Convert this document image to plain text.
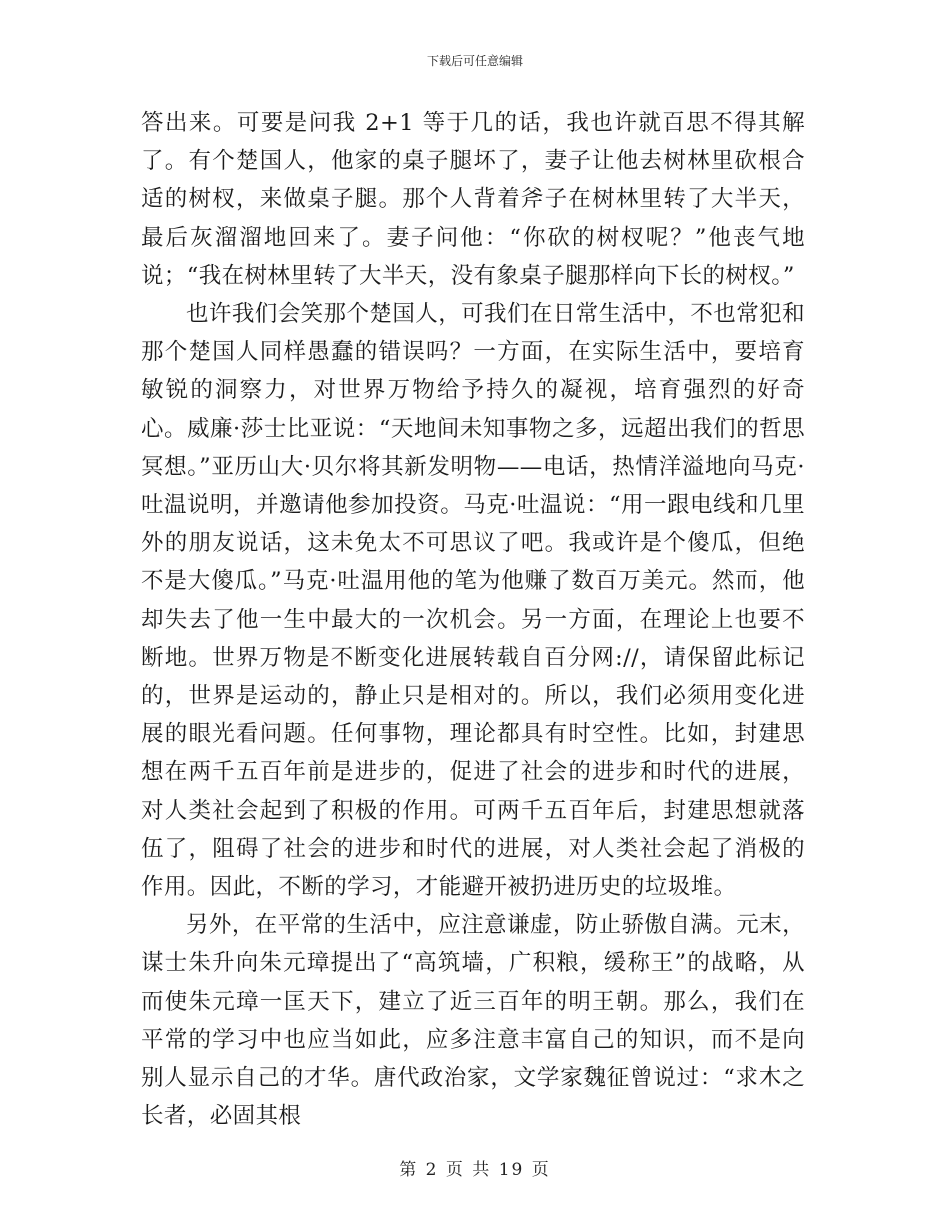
下载后可任意编辑

答出来。可要是问我 2+1 等于几的话，我也许就百思不得其解了。有个楚国人，他家的桌子腿坏了，妻子让他去树林里砍根合适的树杈，来做桌子腿。那个人背着斧子在树林里转了大半天，最后灰溜溜地回来了。妻子问他：“你砍的树杈呢？”他丧气地说；“我在树林里转了大半天，没有象桌子腿那样向下长的树杈。”

也许我们会笑那个楚国人，可我们在日常生活中，不也常犯和那个楚国人同样愚蠢的错误吗？一方面，在实际生活中，要培育敏锐的洞察力，对世界万物给予持久的凝视，培育强烈的好奇心。威廉·莎士比亚说：“天地间未知事物之多，远超出我们的哲思冥想。”亚历山大·贝尔将其新发明物——电话，热情洋溢地向马克·吐温说明，并邀请他参加投资。马克·吐温说：“用一跟电线和几里外的朋友说话，这未免太不可思议了吧。我或许是个傻瓜，但绝不是大傻瓜。”马克·吐温用他的笔为他赚了数百万美元。然而，他却失去了他一生中最大的一次机会。另一方面，在理论上也要不断地。世界万物是不断变化进展转载自百分网://，请保留此标记的，世界是运动的，静止只是相对的。所以，我们必须用变化进展的眼光看问题。任何事物，理论都具有时空性。比如，封建思想在两千五百年前是进步的，促进了社会的进步和时代的进展，对人类社会起到了积极的作用。可两千五百年后，封建思想就落伍了，阻碍了社会的进步和时代的进展，对人类社会起了消极的作用。因此，不断的学习，才能避开被扔进历史的垃圾堆。

另外，在平常的生活中，应注意谦虚，防止骄傲自满。元末，谋士朱升向朱元璋提出了“高筑墙，广积粮，缓称王”的战略，从而使朱元璋一匡天下，建立了近三百年的明王朝。那么，我们在平常的学习中也应当如此，应多注意丰富自己的知识，而不是向别人显示自己的才华。唐代政治家，文学家魏征曾说过：“求木之长者，必固其根

第 2 页 共 19 页
